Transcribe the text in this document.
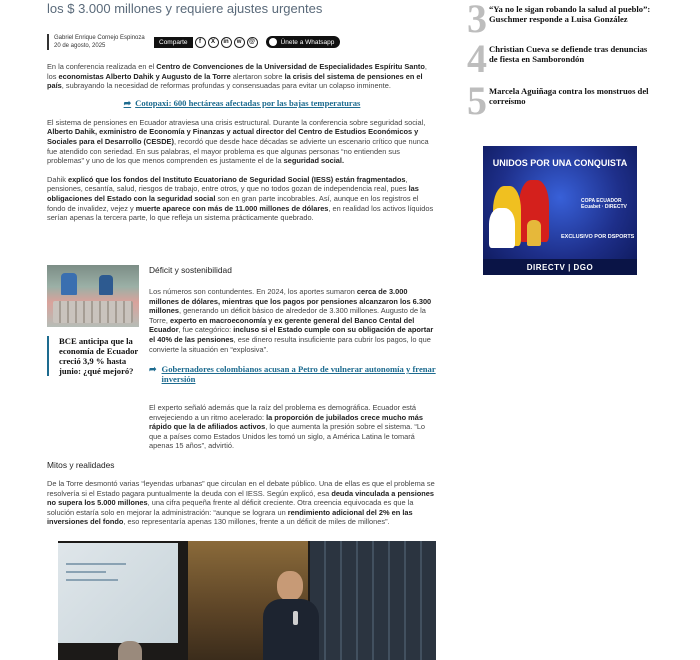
los $ 3.000 millones y requiere ajustes urgentes
Gabriel Enrique Cornejo Espinoza
20 de agosto, 2025
Comparte	f	X	in	w	@	Únete a Whatsapp

En la conferencia realizada en el Centro de Convenciones de la Universidad de Especialidades Espíritu Santo, los economistas Alberto Dahik y Augusto de la Torre alertaron sobre la crisis del sistema de pensiones en el país, subrayando la necesidad de reformas profundas y consensuadas para evitar un colapso inminente.

➦ Cotopaxi: 600 hectáreas afectadas por las bajas temperaturas

El sistema de pensiones en Ecuador atraviesa una crisis estructural. Durante la conferencia sobre seguridad social, Alberto Dahik, exministro de Economía y Finanzas y actual director del Centro de Estudios Económicos y Sociales para el Desarrollo (CESDE), recordó que desde hace décadas se advierte un escenario crítico que nunca fue atendido con seriedad. En sus palabras, el mayor problema es que algunas personas “no entienden sus problemas” y uno de los que menos comprenden es justamente el de la seguridad social.

Dahik explicó que los fondos del Instituto Ecuatoriano de Seguridad Social (IESS) están fragmentados, pensiones, cesantía, salud, riesgos de trabajo, entre otros, y que no todos gozan de independencia real, pues las obligaciones del Estado con la seguridad social son en gran parte incobrables. Así, aunque en los registros el fondo de invalidez, vejez y muerte aparece con más de 11.000 millones de dólares, en realidad los activos líquidos serían apenas la tercera parte, lo que refleja un sistema prácticamente quebrado.

BCE anticipa que la economía de Ecuador creció 3,9 % hasta junio: ¿qué mejoró?
Déficit y sostenibilidad

Los números son contundentes. En 2024, los aportes sumaron cerca de 3.000 millones de dólares, mientras que los pagos por pensiones alcanzaron los 6.300 millones, generando un déficit básico de alrededor de 3.300 millones. Augusto de la Torre, experto en macroeconomía y ex gerente general del Banco Cental del Ecuador, fue categórico: incluso si el Estado cumple con su obligación de aportar el 40% de las pensiones, ese dinero resulta insuficiente para cubrir los pagos, lo que convierte la situación en “explosiva”.

➦ Gobernadores colombianos acusan a Petro de vulnerar autonomía y frenar inversión

El experto señaló además que la raíz del problema es demográfica. Ecuador está envejeciendo a un ritmo acelerado: la proporción de jubilados crece mucho más rápido que la de afiliados activos, lo que aumenta la presión sobre el sistema. “Lo que a países como Estados Unidos les tomó un siglo, a América Latina le tomará apenas 15 años”, advirtió.

Mitos y realidades

De la Torre desmontó varias “leyendas urbanas” que circulan en el debate público. Una de ellas es que el problema se resolvería si el Estado pagara puntualmente la deuda con el IESS. Según explicó, esa deuda vinculada a pensiones no supera los 5.000 millones, una cifra pequeña frente al déficit creciente. Otra creencia equivocada es que la solución estaría solo en mejorar la administración: “aunque se lograra un rendimiento adicional del 2% en las inversiones del fondo, eso representaría apenas 130 millones, frente a un déficit de miles de millones”.

3 “Ya no le sigan robando la salud al pueblo”: Guschmer responde a Luisa González
4 Christian Cueva se defiende tras denuncias de fiesta en Samborondón
5 Marcela Aguiñaga contra los monstruos del correísmo
UNIDOS POR UNA CONQUISTA
COPA ECUADOR
Ecuabet · DIRECTV
EXCLUSIVO POR DSPORTS
DIRECTV | DGO
